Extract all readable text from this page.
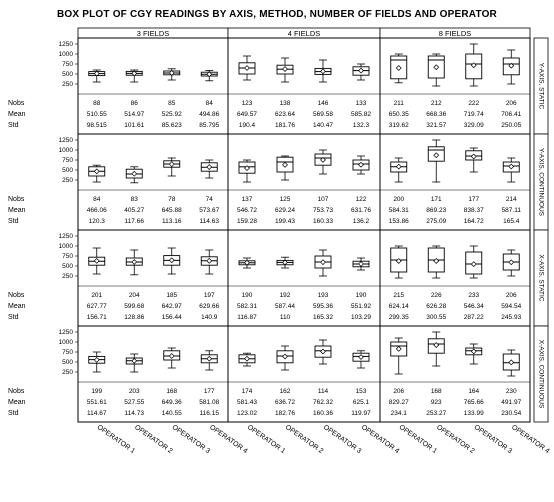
BOX PLOT OF CGY READINGS BY AXIS, METHOD, NUMBER OF FIELDS AND OPERATOR
3 FIELDS	4 FIELDS	8 FIELDS
Y-AXIS, STATIC
250
500
750
1000
1250
Nobs
Mean
Std
Y-AXIS, CONTINUOUS
250
500
750
1000
1250
Nobs
Mean
Std
X-AXIS, STATIC
250
500
750
1000
1250
Nobs
Mean
Std
X-AXIS, CONTINUOUS
250
500
750
1000
1250
Nobs
Mean
Std
88
510.55
98.515
86
514.97
101.61
85
525.92
85.623
84
494.86
85.795
123
649.57
190.4
138
623.64
181.76
146
569.58
140.47
133
585.82
132.3
211
650.35
319.62
212
668.36
321.57
222
719.74
329.09
206
706.41
250.05
84
466.06
120.3
83
405.27
117.66
78
645.88
113.16
74
573.67
114.63
137
546.72
159.28
125
629.24
199.43
107
753.73
160.33
122
631.76
136.2
200
584.31
153.86
171
869.23
275.09
177
838.37
164.72
214
587.11
165.4
201
627.77
156.71
204
599.68
128.86
185
642.97
156.44
197
629.66
140.9
190
582.31
116.87
192
587.44
110
193
595.36
165.32
190
551.92
103.29
215
624.14
299.35
226
626.28
300.55
233
546.34
287.22
206
594.54
245.93
199
551.61
114.67
203
527.55
114.73
168
649.36
140.55
177
581.08
116.15
174
581.43
123.02
162
636.72
182.76
114
762.32
160.36
153
625.1
119.97
206
829.27
234.1
168
923
253.27
164
765.66
133.99
230
491.97
230.54
OPERATOR 1
OPERATOR 2
OPERATOR 3
OPERATOR 4
OPERATOR 1
OPERATOR 2
OPERATOR 3
OPERATOR 4
OPERATOR 1
OPERATOR 2
OPERATOR 3
OPERATOR 4
